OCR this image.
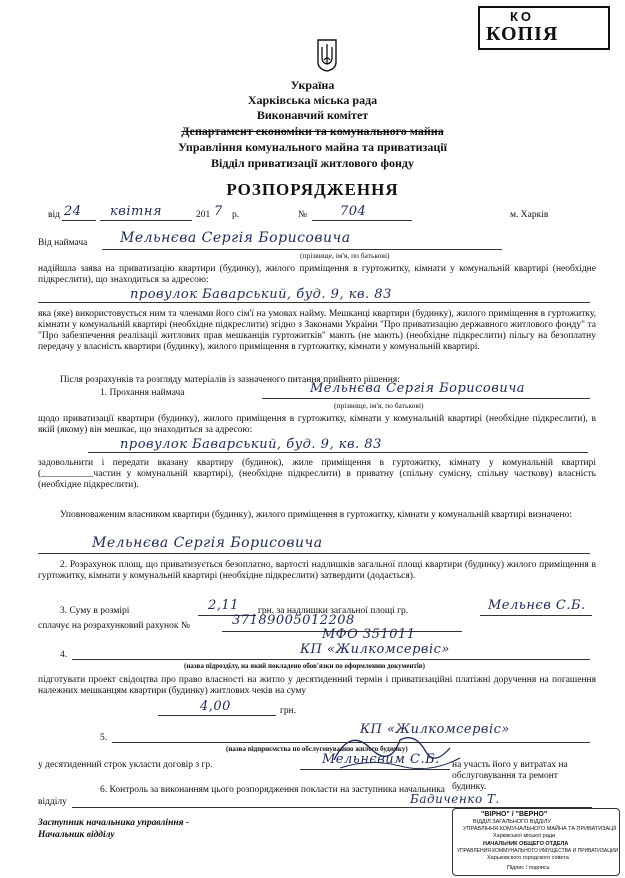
КО
КОПІЯ
Україна
Харківська міська рада
Виконавчий комітет
Департамент економіки та комунального майна
Управління комунального майна та приватизації
Відділ приватизації житлового фонду
РОЗПОРЯДЖЕННЯ
від 24	квітня	201 7 р.	№	704	м. Харків
Від наймача Мельнєва Сергія Борисовича
(прізвище, ім'я, по батькові)
надійшла заява на приватизацію квартири (будинку), жилого приміщення в гуртожитку, кімнати у комунальній квартирі (необхідне підкреслити), що знаходиться за адресою:
провулок Баварський, буд. 9, кв. 83
яка (яке) використовується ним та членами його сім'ї на умовах найму. Мешканці квартири (будинку), жилого приміщення в гуртожитку, кімнати у комунальній квартирі (необхідне підкреслити) згідно з Законами України "Про приватизацію державного житлового фонду" та "Про забезпечення реалізації житлових прав мешканців гуртожитків" мають (не мають) (необхідне підкреслити) пільгу на безоплатну передачу у власність квартири (будинку), жилого приміщення в гуртожитку, кімнати у комунальній квартирі.
Після розрахунків та розгляду матеріалів із зазначеного питання прийнято рішення:
1. Прохання наймача	Мельнєва Сергія Борисовича
(прізвище, ім'я, по батькові)
щодо приватизації квартири (будинку), жилого приміщення в гуртожитку, кімнати у комунальній квартирі (необхідне підкреслити), в якій (якому) він мешкає, що знаходиться за адресою:
провулок Баварський, буд. 9, кв. 83
задовольнити і передати вказану квартиру (будинок), жиле приміщення в гуртожитку, кімнату у комунальній квартирі (___________частин у комунальній квартирі), (необхідне підкреслити) в приватну (спільну сумісну, спільну часткову) власність (необхідне підкреслити).
Уповноваженим власником квартири (будинку), жилого приміщення в гуртожитку, кімнати у комунальній квартирі визначено:
Мельнєва Сергія Борисовича
2. Розрахунок площ, що приватизується безоплатно, вартості надлишків загальної площі квартири (будинку) жилого приміщення в гуртожитку, кімнати у комунальній квартирі (необхідне підкреслити) затвердити (додається).
3. Суму в розмірі	2,11 грн. за надлишки загальної площі гр.	Мельнєв С.Б.
сплачує на розрахунковий рахунок №	37189005012208
МФО 351011
4.	КП «Жилкомсервіс»
(назва підрозділу, на який покладено обов'язки по оформленню документів)
підготувати проект свідоцтва про право власності на житло у десятиденний термін і приватизаційні платіжні доручення на погашення належних мешканцям квартири (будинку) житлових чеків на суму
4,00	грн.
5.
КП «Жилкомсервіс»
(назва підприємства по обслуговуванню жилого будинку)
у десятиденний строк укласти договір з гр.	Мельнєвим С.Б. на участь його у витратах на обслуговування та ремонт будинку.
6. Контроль за виконанням цього розпорядження покласти на заступника начальника
відділу	Бадиченко Т.
Заступник начальника управління -
Начальник відділу
"ВІРНО" / "ВЕРНО"
ВІДДІЛ ЗАГАЛЬНОГО ВІДДІЛУ
УПРАВЛІННЯ КОМУНАЛЬНОГО МАЙНА ТА ПРИВАТИЗАЦІЇ
Харківської міської ради
НАЧАЛЬНИК ОБЩЕГО ОТДЕЛА
УПРАВЛЕНИЯ КОММУНАЛЬНОГО ИМУЩЕСТВА И ПРИВАТИЗАЦИИ
Харьковского городского совета
Підпис / подпись
